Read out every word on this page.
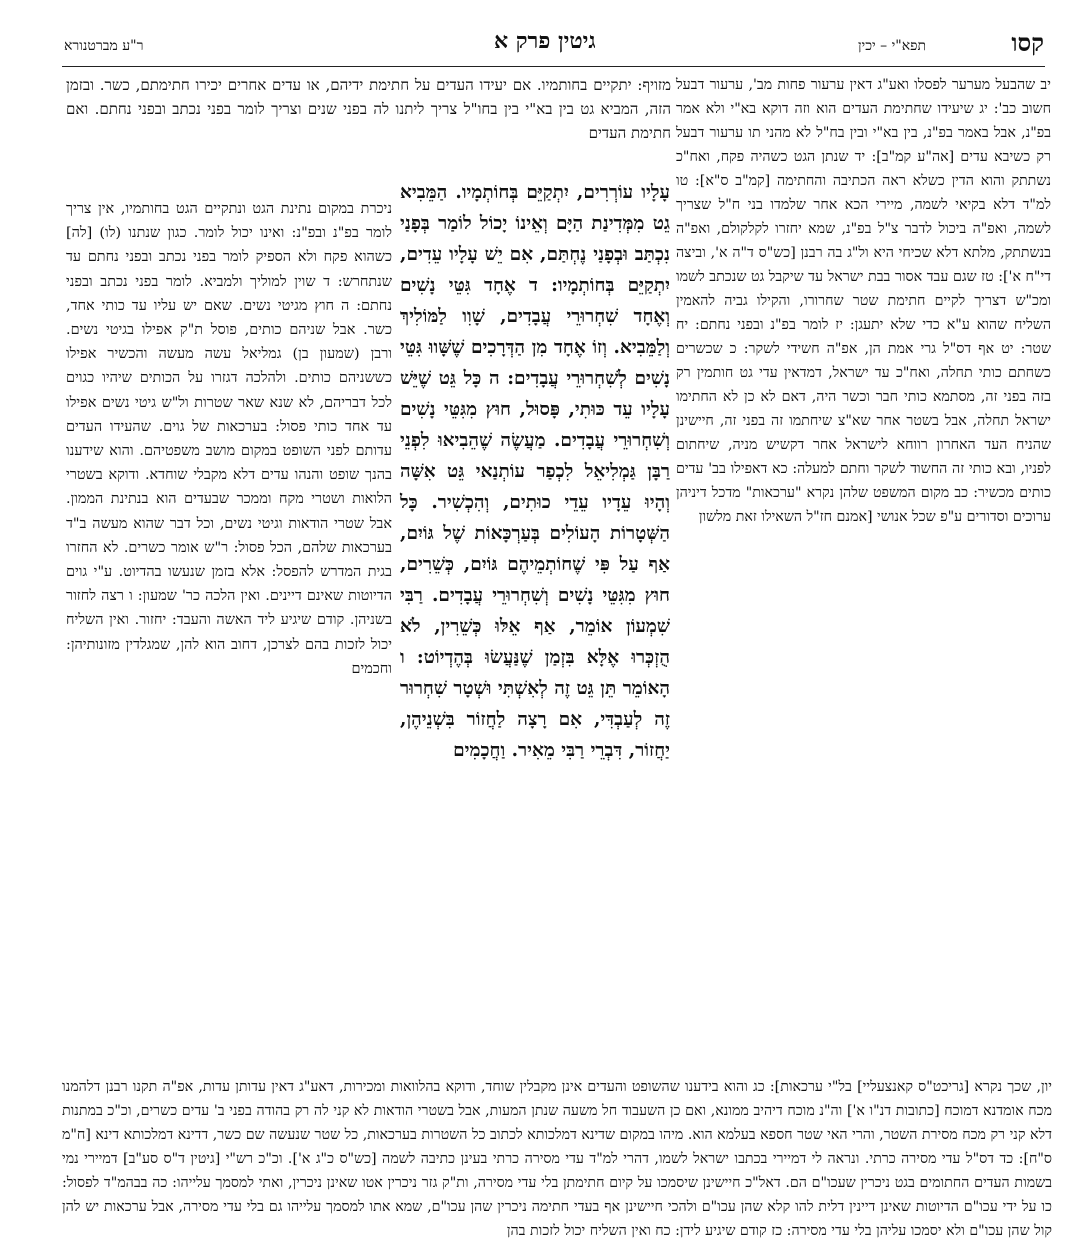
קסו
תפא"י – יכין
גיטין פרק א
ר"ע מברטנורא
יב שהבעל מערער לפסלו ואע"ג דאין ערעור פחות מב', ערעור דבעל חשוב כב': יג שיעידו שחתימת העדים הוא וזה דוקא בא"י ולא אמר בפ"נ, אבל באמר בפ"נ, בין בא"י ובין בח"ל לא מהני תו ערעור דבעל רק כשיבא עדים [אה"ע קמ"ב]: יד שנתן הגט כשהיה פקח, ואח"כ נשתתק והוא הדין כשלא ראה הכתיבה והחתימה [קמ"ב ס"א]: טו למ"ד דלא בקיאי לשמה, מיירי הכא אחר שלמדו בני ח"ל שצריך לשמה, ואפ"ה ביכול לדבר צ"ל בפ"נ, שמא יחזרו לקלקולם, ואפ"ה בנשתתק, מלתא דלא שכיחי היא ול"ג בה רבנן [כש"ס ד"ה א', וביצה די"ח א']: טז שגם עבד אסור בבת ישראל עד שיקבל גט שנכתב לשמו ומכ"ש דצריך לקיים חתימת שטר שחרורו, והקילו גביה להאמין השליח שהוא ע"א כדי שלא יתעגן: יז לומר בפ"נ ובפני נחתם: יח שטר: יט אף דס"ל גרי אמת הן, אפ"ה חשידי לשקר: כ שכשרים כשחתם כותי תחלה, ואח"כ עד ישראל, דמדאין עדי גט חותמין רק בזה בפני זה, מסתמא כותי חבר וכשר היה, דאם לא כן לא החתימו ישראל תחלה, אבל בשטר אחר שא"צ שיחתמו זה בפני זה, חיישינן שהניח העד האחרון רווחא לישראל אחר דקשיש מניה, שיחתום לפניו, ובא כותי זה החשוד לשקר וחתם למעלה: כא דאפילו בב' עדים כותים מכשיר: כב מקום המשפט שלהן נקרא "ערכאות" מדכל דיניהן ערוכים וסדורים ע"פ שכל אנושי [אמנם חז"ל השאילו זאת מלשון
מזויף: יתקיים בחותמיו. אם יעידו העדים על חתימת ידיהם, או עדים אחרים יכירו חתימתם, כשר. ובזמן הזה, המביא גט בין בא"י בין בחו"ל צריך ליתנו לה בפני שנים וצריך לומר בפני נכתב ובפני נחתם. ואם חתימת העדים
עָלָיו עוֹרְרִים, יִתְקַיֵּם בְּחוֹתְמָיו. הַמֵּבִיא גֵט מִמְּדִינַת הַיָּם וְאֵינוֹ יָכוֹל לוֹמַר בְּפָנַי נִכְתַּב וּבְפָנַי נֶחְתַּם, אִם יֵשׁ עָלָיו עֵדִים, יִתְקַיֵּם בְּחוֹתְמָיו: ד אֶחָד גִּטֵּי נָשִׁים וְאֶחָד שִׁחְרוּרֵי עֲבָדִים, שָׁוִו לַמּוֹלִיךְ וְלַמֵּבִיא. וְזוֹ אֶחָד מִן הַדְּרָכִים שֶׁשָּׁווּ גִּטֵּי נָשִׁים לְשִׁחְרוּרֵי עֲבָדִים: ה כָּל גֵּט שֶׁיֵּשׁ עָלָיו עֵד כּוּתִי, פָּסוּל, חוּץ מִגִּטֵּי נָשִׁים וְשִׁחְרוּרֵי עֲבָדִים. מַעֲשֶׂה שֶׁהֵבִיאוּ לִפְנֵי רַבָּן גַּמְלִיאֵל לִכְפַר עוֹתְנַאי גֵּט אִשָּׁה וְהָיוּ עֵדָיו עֵדֵי כוּתִים, וְהִכְשִׁיר. כָּל הַשְּׁטָרוֹת הָעוֹלִים בְּעַרְכָּאוֹת שֶׁל גּוֹיִם, אַף עַל פִּי שֶׁחוֹתְמֵיהֶם גּוֹיִם, כְּשֵׁרִים, חוּץ מִגִּטֵּי נָשִׁים וְשִׁחְרוּרֵי עֲבָדִים. רַבִּי שִׁמְעוֹן אוֹמֵר, אַף אֵלּוּ כְּשֵׁרִין, לֹא הֻזְכְּרוּ אֶלָּא בִּזְמַן שֶׁנַּעֲשׂוּ בְּהֶדְיוֹט: ו הָאוֹמֵר תֵּן גֵּט זֶה לְאִשְׁתִּי וּשְׁטָר שִׁחְרוּר זֶה לְעַבְדִּי, אִם רָצָה לַחֲזוֹר בִּשְׁנֵיהֶן, יַחֲזוֹר, דִּבְרֵי רַבִּי מֵאִיר. וַחֲכָמִים
ניכרת במקום נתינת הגט ונתקיים הגט בחותמיו, אין צריך לומר בפ"נ ובפ"נ: ואינו יכול לומר. כגון שנתנו (לו) [לה] כשהוא פקח ולא הספיק לומר בפני נכתב ובפני נחתם עד שנתחרש: ד שוין למוליך ולמביא. לומר בפני נכתב ובפני נחתם: ה חוץ מגיטי נשים. שאם יש עליו עד כותי אחד, כשר. אבל שניהם כותים, פוסל ת"ק אפילו בגיטי נשים. ורבן (שמעון בן) גמליאל עשה מעשה והכשיר אפילו כששניהם כותים. ולהלכה דגזרו על הכותים שיהיו כגוים לכל דבריהם, לא שנא שאר שטרות ול"ש גיטי נשים אפילו עד אחד כותי פסול: בערכאות של גוים. שהעידו העדים עדותם לפני השופט במקום מושב משפטיהם. והוא שידענו בהנך שופט והנהו עדים דלא מקבלי שוחדא. ודוקא בשטרי הלואות ושטרי מקח וממכר שבעדים הוא בנתינת הממון. אבל שטרי הודאות וגיטי נשים, וכל דבר שהוא מעשה ב"ד בערכאות שלהם, הכל פסול: ר"ש אומר כשרים. לא החזרו בגית המדרש להפסל: אלא בזמן שנעשו בהדיוט. ע"י גוים הדיוטות שאינם דיינים. ואין הלכה כר' שמעון: ו רצה לחזור בשניהן. קודם שיגיע ליד האשה והעבד: יחזור. ואין השליח יכול לזכות בהם לצרכן, דחוב הוא להן, שמגלדין מזונותיהן: וחכמים
יון, שכך נקרא [גריכט"ס קאנצעליי] בל"י ערכאות]: כג והוא בידענו שהשופט והעדים אינן מקבלין שוחד, ודוקא בהלוואות ומכירות, דאע"ג דאין עדותן עדות, אפ"ה תקנו רבנן דלהמנו מכח אומדנא דמוכח [כתובות דנ"ו א'] וה"נ מוכח דיהיב ממונא, ואם כן השעבוד חל משעה שנתן המעות, אבל בשטרי הודאות לא קני לה רק בהודה בפני ב' עדים כשרים, וכ"כ במתנות דלא קני רק מכח מסירת השטר, והרי האי שטר חספא בעלמא הוא. מיהו במקום שדינא דמלכותא לכתוב כל השטרות בערכאות, כל שטר שנעשה שם כשר, דדינא דמלכותא דינא [ח"מ ס"ח]: כד דס"ל עדי מסירה כרתי. ונראה לי דמיירי בכתבו ישראל לשמו, דהרי למ"ד עדי מסירה כרתי בעינן כתיבה לשמה [כש"ס כ"ג א']. וכ"כ רש"י [גיטין ד"ס סע"ב] דמיירי נמי בשמות העדים החתומים בגט ניכרין שעכו"ם הם. דאל"כ חיישינן שיסמכו על קיום חתימתן בלי עדי מסירה, ות"ק גזר ניכרין אטו שאינן ניכרין, ואתי למסמך עלייהו: כה בבהמ"ד לפסול: כו על ידי עכו"ם הדיוטות שאינן דיינין דלית להו קלא שהן עכו"ם ולהכי חיישינן אף בעדי חתימה ניכרין שהן עכו"ם, שמא אתו למסמך עלייהו גם בלי עדי מסירה, אבל ערכאות יש להן קול שהן עכו"ם ולא יסמכו עליהן בלי עדי מסירה: כז קודם שיגיע לידן: כח ואין השליח יכול לזכות בהן
